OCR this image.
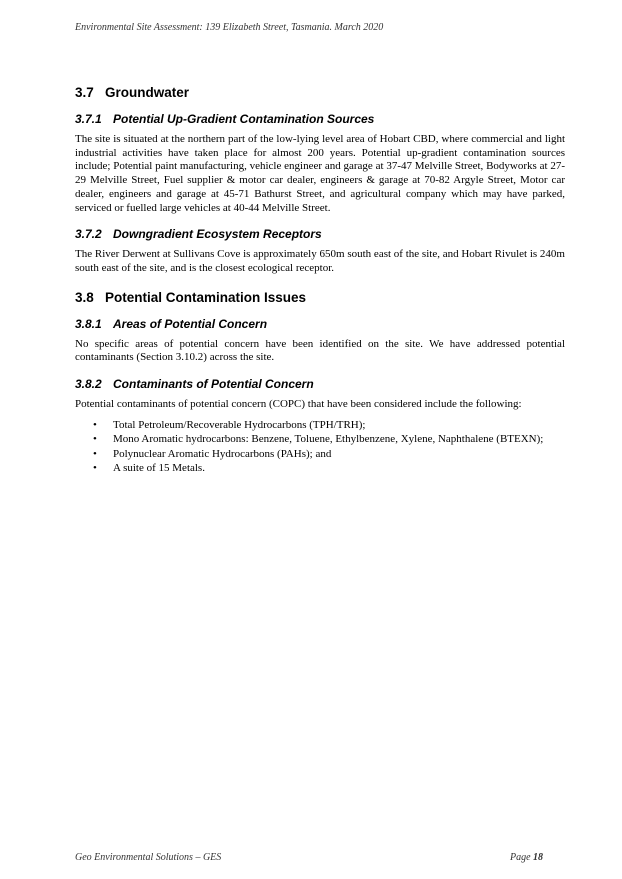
Environmental Site Assessment: 139 Elizabeth Street, Tasmania. March 2020
3.7 Groundwater
3.7.1 Potential Up-Gradient Contamination Sources

The site is situated at the northern part of the low-lying level area of Hobart CBD, where commercial and light industrial activities have taken place for almost 200 years. Potential up-gradient contamination sources include; Potential paint manufacturing, vehicle engineer and garage at 37-47 Melville Street, Bodyworks at 27-29 Melville Street, Fuel supplier & motor car dealer, engineers & garage at 70-82 Argyle Street, Motor car dealer, engineers and garage at 45-71 Bathurst Street, and agricultural company which may have parked, serviced or fuelled large vehicles at 40-44 Melville Street.

3.7.2 Downgradient Ecosystem Receptors

The River Derwent at Sullivans Cove is approximately 650m south east of the site, and Hobart Rivulet is 240m south east of the site, and is the closest ecological receptor.

3.8 Potential Contamination Issues
3.8.1 Areas of Potential Concern

No specific areas of potential concern have been identified on the site. We have addressed potential contaminants (Section 3.10.2) across the site.

3.8.2 Contaminants of Potential Concern

Potential contaminants of potential concern (COPC) that have been considered include the following:

• Total Petroleum/Recoverable Hydrocarbons (TPH/TRH);
• Mono Aromatic hydrocarbons: Benzene, Toluene, Ethylbenzene, Xylene, Naphthalene (BTEXN);
• Polynuclear Aromatic Hydrocarbons (PAHs); and
• A suite of 15 Metals.
Geo Environmental Solutions – GES	Page 18
